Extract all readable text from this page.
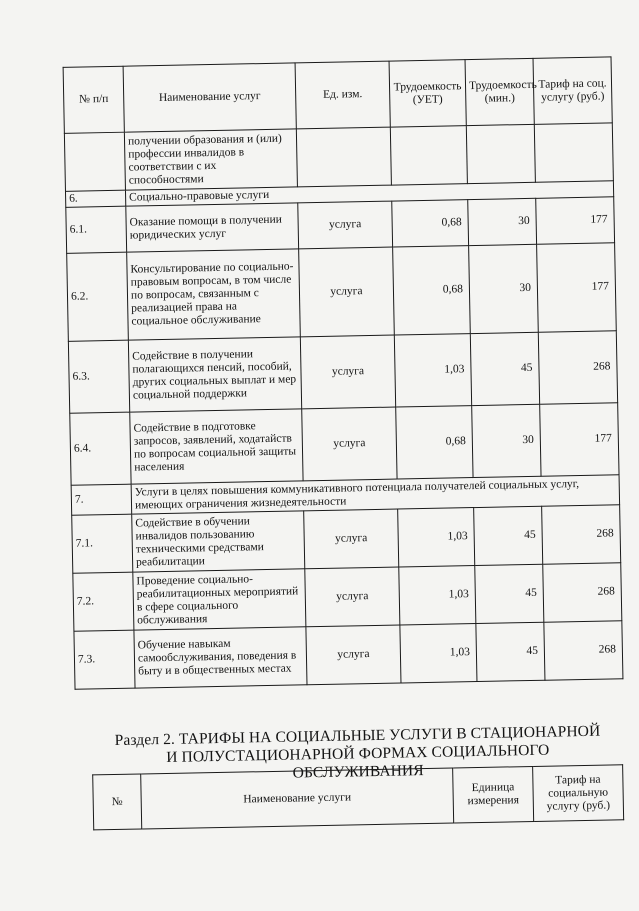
№ п/п	Наименование услуг	Ед. изм.	Трудоемкость (УЕТ)	Трудоемкость (мин.)	Тариф на соц. услугу (руб.)
	получении образования и (или) профессии инвалидов в соответствии с их способностями				
6.	Социально-правовые услуги				
6.1.	Оказание помощи в получении юридических услуг	услуга	0,68	30	177
6.2.	Консультирование по социально-правовым вопросам, в том числе по вопросам, связанным с реализацией права на социальное обслуживание	услуга	0,68	30	177
6.3.	Содействие в получении полагающихся пенсий, пособий, других социальных выплат и мер социальной поддержки	услуга	1,03	45	268
6.4.	Содействие в подготовке запросов, заявлений, ходатайств по вопросам социальной защиты населения	услуга	0,68	30	177
7.	Услуги в целях повышения коммуникативного потенциала получателей социальных услуг, имеющих ограничения жизнедеятельности				
7.1.	Содействие в обучении инвалидов пользованию техническими средствами реабилитации	услуга	1,03	45	268
7.2.	Проведение социально-реабилитационных мероприятий в сфере социального обслуживания	услуга	1,03	45	268
7.3.	Обучение навыкам самообслуживания, поведения в быту и в общественных местах	услуга	1,03	45	268
Раздел 2. ТАРИФЫ НА СОЦИАЛЬНЫЕ УСЛУГИ В СТАЦИОНАРНОЙ И ПОЛУСТАЦИОНАРНОЙ ФОРМАХ СОЦИАЛЬНОГО ОБСЛУЖИВАНИЯ
№	Наименование услуги	Единица измерения	Тариф на социальную услугу (руб.)
